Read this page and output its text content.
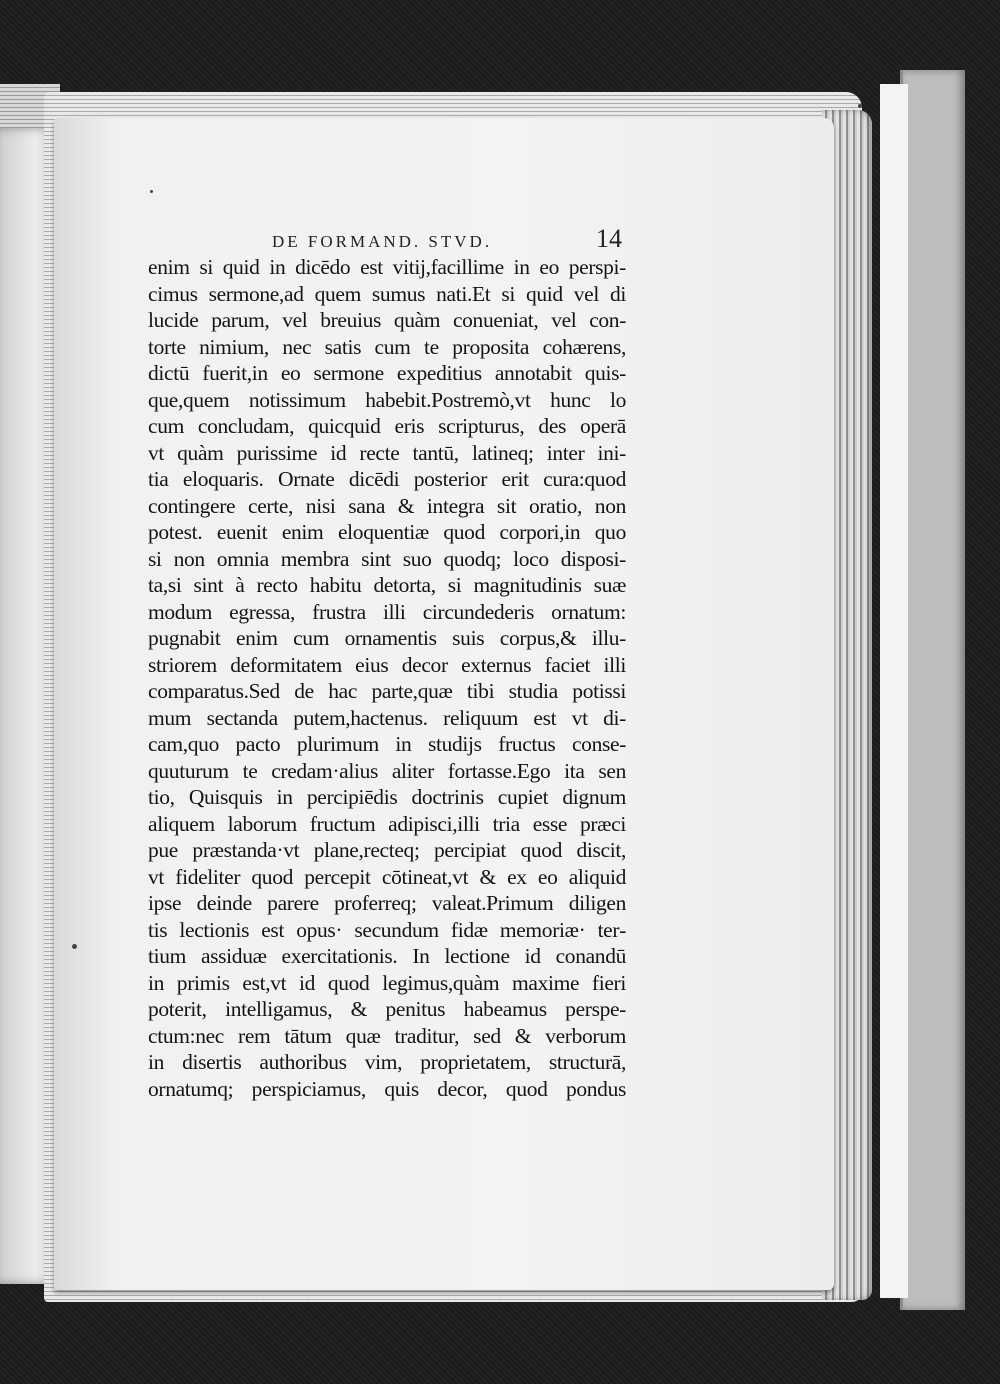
DE FORMAND. STVD.	14
enim si quid in dicēdo est vitij,facillime in eo perspi‑
cimus sermone,ad quem sumus nati.Et si quid vel di
lucide parum, vel breuius quàm conueniat, vel con‑
torte nimium, nec satis cum te proposita cohærens,
dictū fuerit,in eo sermone expeditius annotabit quis‑
que,quem notissimum habebit.Postremò,vt hunc lo
cum concludam, quicquid eris scripturus, des operā
vt quàm purissime id recte tantū, latineq; inter ini‑
tia eloquaris. Ornate dicēdi posterior erit cura:quod
contingere certe, nisi sana & integra sit oratio, non
potest. euenit enim eloquentiæ quod corpori,in quo
si non omnia membra sint suo quodq; loco disposi‑
ta,si sint à recto habitu detorta, si magnitudinis suæ
modum egressa, frustra illi circundederis ornatum:
pugnabit enim cum ornamentis suis corpus,& illu‑
striorem deformitatem eius decor externus faciet illi
comparatus.Sed de hac parte,quæ tibi studia potissi
mum sectanda putem,hactenus. reliquum est vt di‑
cam,quo pacto plurimum in studijs fructus conse‑
quuturum te credam·alius aliter fortasse.Ego ita sen
tio, Quisquis in percipiēdis doctrinis cupiet dignum
aliquem laborum fructum adipisci,illi tria esse præci
pue præstanda·vt plane,recteq; percipiat quod discit,
vt fideliter quod percepit cōtineat,vt & ex eo aliquid
ipse deinde parere proferreq; valeat.Primum diligen
tis lectionis est opus· secundum fidæ memoriæ· ter‑
tium assiduæ exercitationis. In lectione id conandū
in primis est,vt id quod legimus,quàm maxime fieri
poterit, intelligamus, & penitus habeamus perspe‑
ctum:nec rem tātum quæ traditur, sed & verborum
in disertis authoribus vim, proprietatem, structurā,
ornatumq; perspiciamus, quis decor, quod pondus
